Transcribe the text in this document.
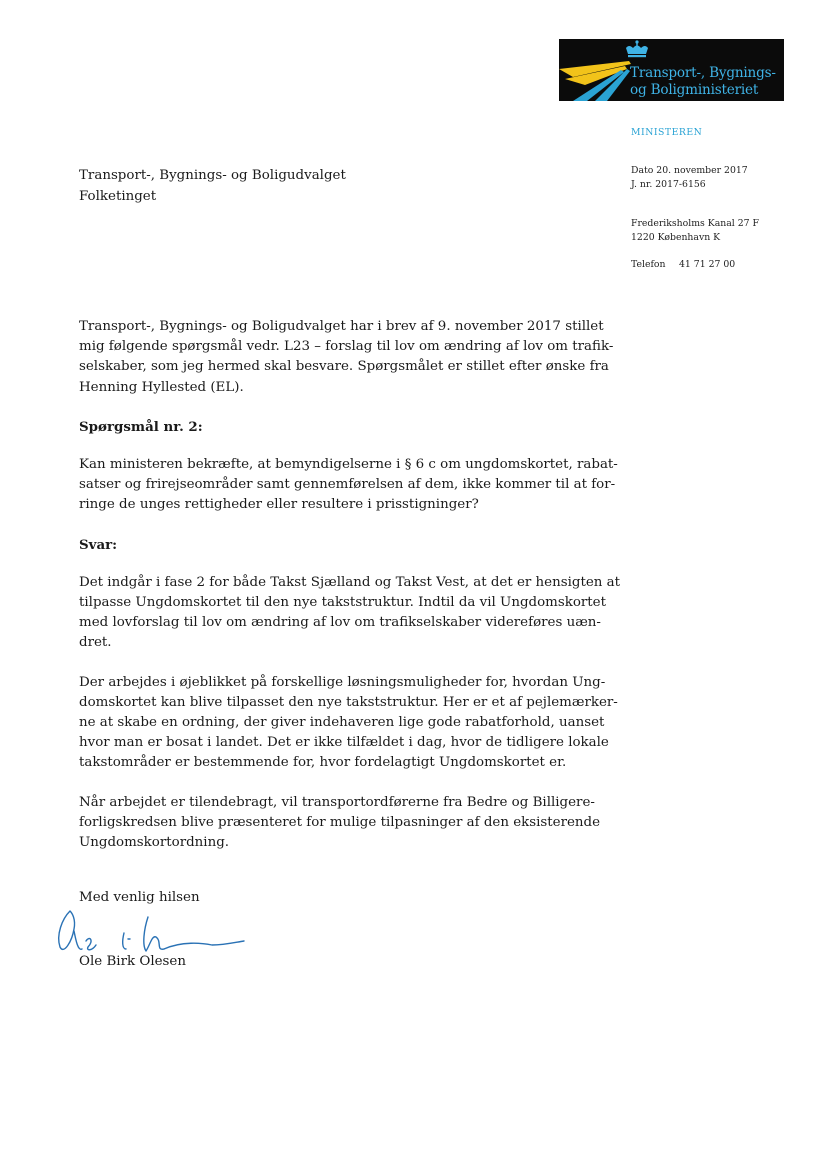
Transport-, Bygnings-
og Boligministeriet
MINISTEREN
Dato 20. november 2017
J. nr. 2017-6156
Frederiksholms Kanal 27 F
1220 København K
Telefon 41 71 27 00
Transport-, Bygnings- og Boligudvalget
Folketinget

Transport-, Bygnings- og Boligudvalget har i brev af 9. november 2017 stillet
mig følgende spørgsmål vedr. L23 – forslag til lov om ændring af lov om trafik-
selskaber, som jeg hermed skal besvare. Spørgsmålet er stillet efter ønske fra
Henning Hyllested (EL).

Spørgsmål nr. 2:

Kan ministeren bekræfte, at bemyndigelserne i § 6 c om ungdomskortet, rabat-
satser og frirejseområder samt gennemførelsen af dem, ikke kommer til at for-
ringe de unges rettigheder eller resultere i prisstigninger?

Svar:

Det indgår i fase 2 for både Takst Sjælland og Takst Vest, at det er hensigten at
tilpasse Ungdomskortet til den nye takststruktur. Indtil da vil Ungdomskortet
med lovforslag til lov om ændring af lov om trafikselskaber videreføres uæn-
dret.

Der arbejdes i øjeblikket på forskellige løsningsmuligheder for, hvordan Ung-
domskortet kan blive tilpasset den nye takststruktur. Her er et af pejlemærker-
ne at skabe en ordning, der giver indehaveren lige gode rabatforhold, uanset
hvor man er bosat i landet. Det er ikke tilfældet i dag, hvor de tidligere lokale
takstområder er bestemmende for, hvor fordelagtigt Ungdomskortet er.

Når arbejdet er tilendebragt, vil transportordførerne fra Bedre og Billigere-
forligskredsen blive præsenteret for mulige tilpasninger af den eksisterende
Ungdomskortordning.

Med venlig hilsen
Ole Birk Olesen
